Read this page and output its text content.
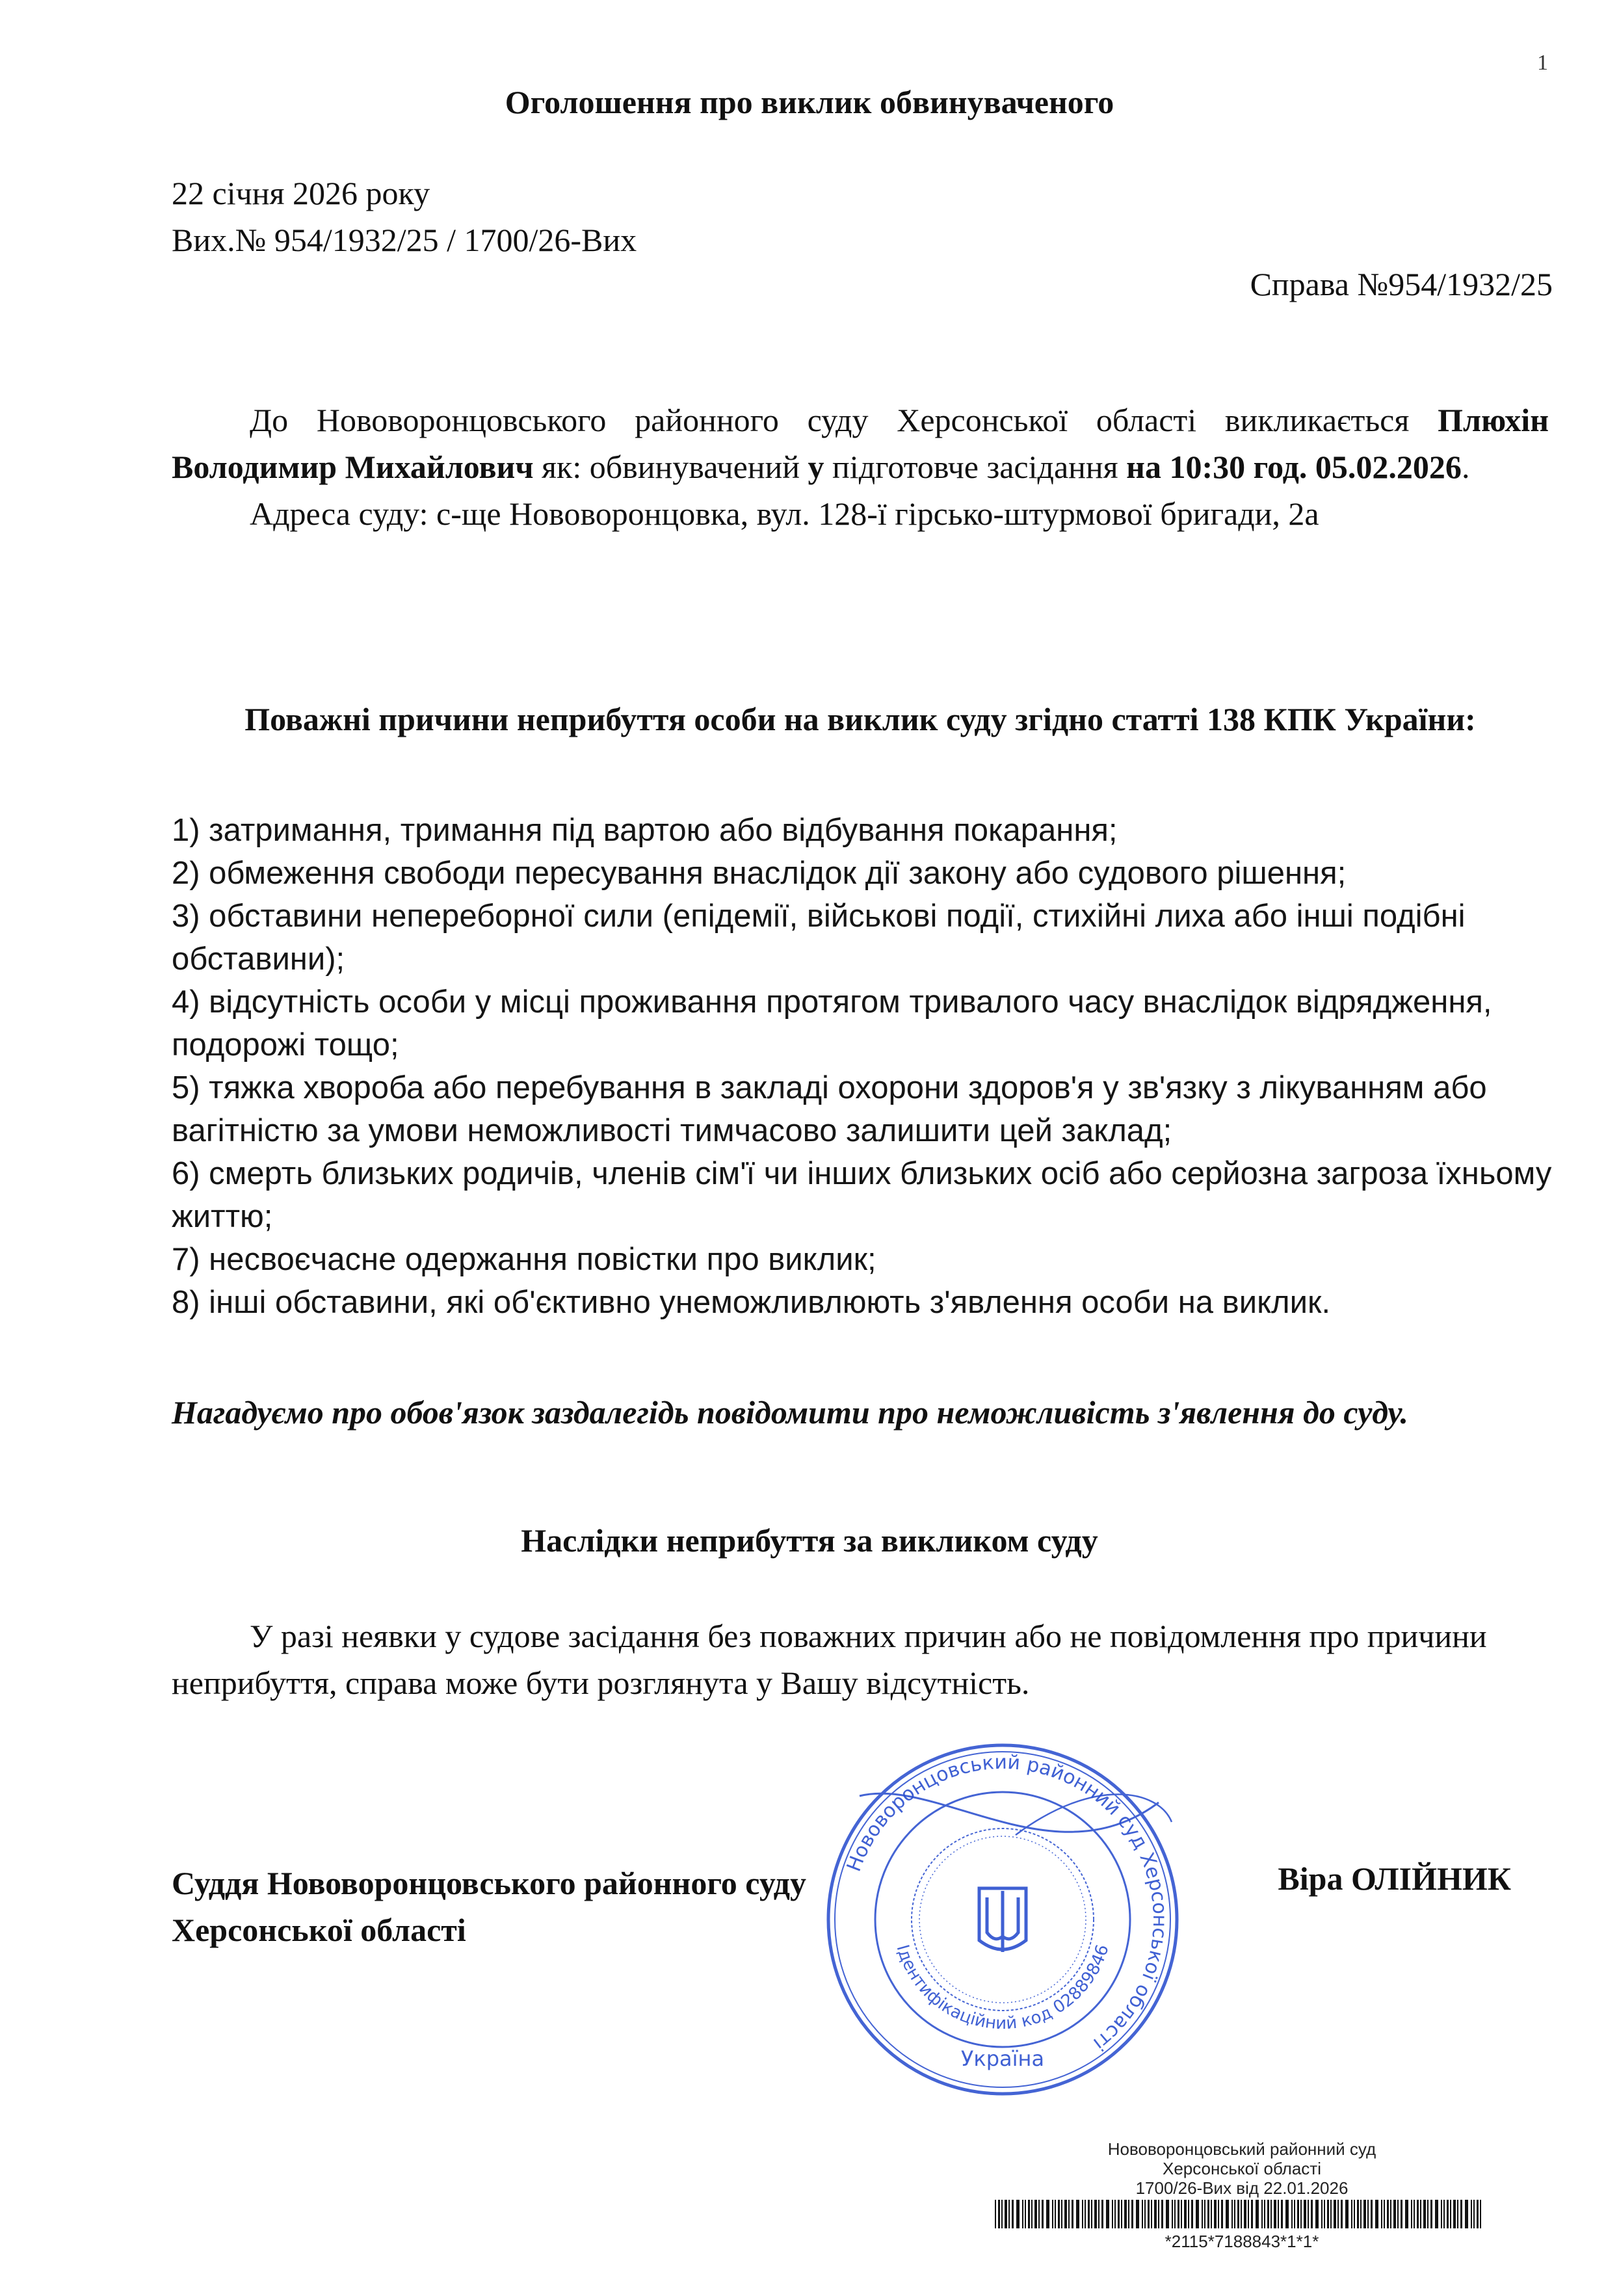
1
Оголошення про виклик обвинуваченого
22 січня 2026 року
Вих.№ 954/1932/25 / 1700/26-Вих
Справа №954/1932/25

До Нововоронцовського районного суду Херсонської області викликається Плюхін Володимир Михайлович як: обвинувачений у підготовче засідання на 10:30 год. 05.02.2026.

Адреса суду: с-ще Нововоронцовка, вул. 128-ї гірсько-штурмової бригади, 2а

Поважні причини неприбуття особи на виклик суду згідно статті 138 КПК України:
1) затримання, тримання під вартою або відбування покарання;
2) обмеження свободи пересування внаслідок дії закону або судового рішення;
3) обставини непереборної сили (епідемії, військові події, стихійні лиха або інші подібні обставини);
4) відсутність особи у місці проживання протягом тривалого часу внаслідок відрядження, подорожі тощо;
5) тяжка хвороба або перебування в закладі охорони здоров'я у зв'язку з лікуванням або вагітністю за умови неможливості тимчасово залишити цей заклад;
6) смерть близьких родичів, членів сім'ї чи інших близьких осіб або серйозна загроза їхньому життю;
7) несвоєчасне одержання повістки про виклик;
8) інші обставини, які об'єктивно унеможливлюють з'явлення особи на виклик.
Нагадуємо про обов'язок заздалегідь повідомити про неможливість з'явлення до суду.
Наслідки неприбуття за викликом суду

У разі неявки у судове засідання без поважних причин або не повідомлення про причини неприбуття, справа може бути розглянута у Вашу відсутність.

Нововоронцовський районний суд Херсонської області
Ідентифікаційний код 02889846
Україна
Суддя Нововоронцовського районного суду
Херсонської області
Віра ОЛІЙНИК
Нововоронцовський районний суд
Херсонської області
1700/26-Вих від 22.01.2026
*2115*7188843*1*1*
